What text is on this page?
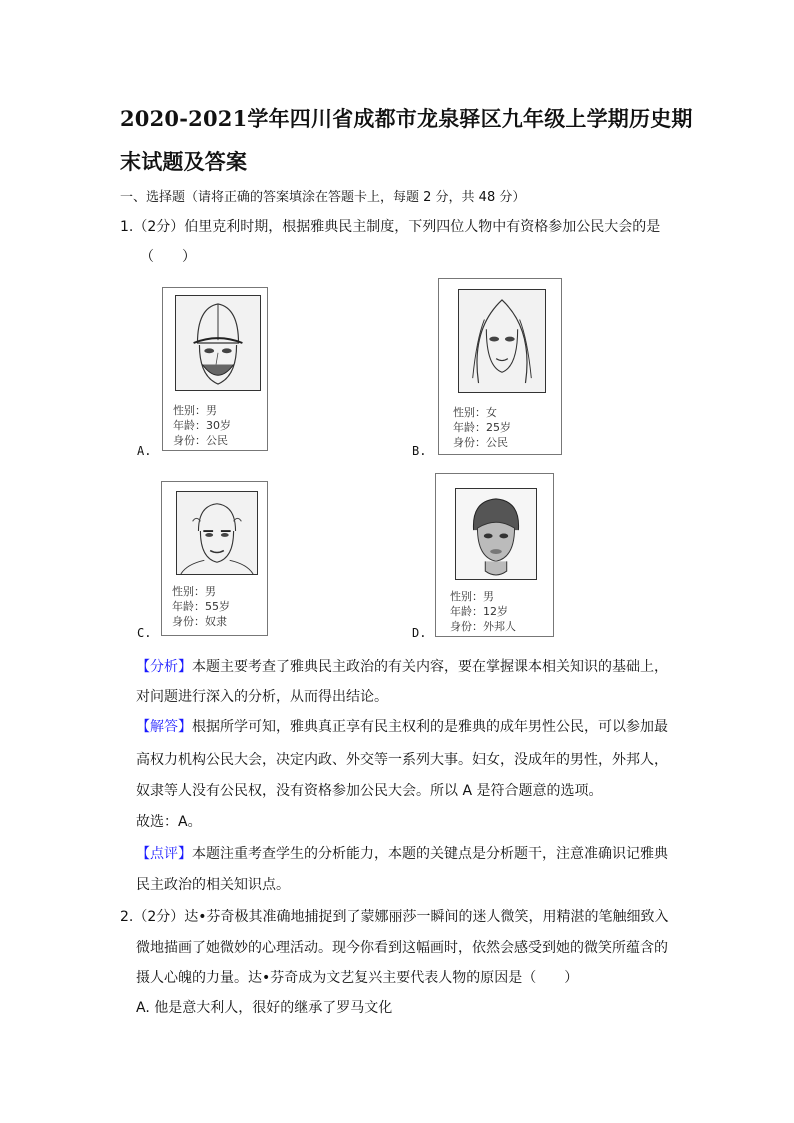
2020-2021学年四川省成都市龙泉驿区九年级上学期历史期
末试题及答案
一、选择题（请将正确的答案填涂在答题卡上，每题 2 分，共 48 分）
1.（2分）伯里克利时期，根据雅典民主制度，下列四位人物中有资格参加公民大会的是
（　　）
A.
性别：男
年龄：30岁
身份：公民
B.
性别：女
年龄：25岁
身份：公民
C.
性别：男
年龄：55岁
身份：奴隶
D.
性别：男
年龄：12岁
身份：外邦人
【分析】本题主要考查了雅典民主政治的有关内容，要在掌握课本相关知识的基础上，
对问题进行深入的分析，从而得出结论。
【解答】根据所学可知，雅典真正享有民主权利的是雅典的成年男性公民，可以参加最
高权力机构公民大会，决定内政、外交等一系列大事。妇女，没成年的男性，外邦人，
奴隶等人没有公民权，没有资格参加公民大会。所以 A 是符合题意的选项。
故选：A。
【点评】本题注重考查学生的分析能力，本题的关键点是分析题干，注意准确识记雅典
民主政治的相关知识点。
2.（2分）达•芬奇极其准确地捕捉到了蒙娜丽莎一瞬间的迷人微笑，用精湛的笔触细致入
微地描画了她微妙的心理活动。现今你看到这幅画时，依然会感受到她的微笑所蕴含的
摄人心魄的力量。达•芬奇成为文艺复兴主要代表人物的原因是（　　）
A. 他是意大利人，很好的继承了罗马文化
